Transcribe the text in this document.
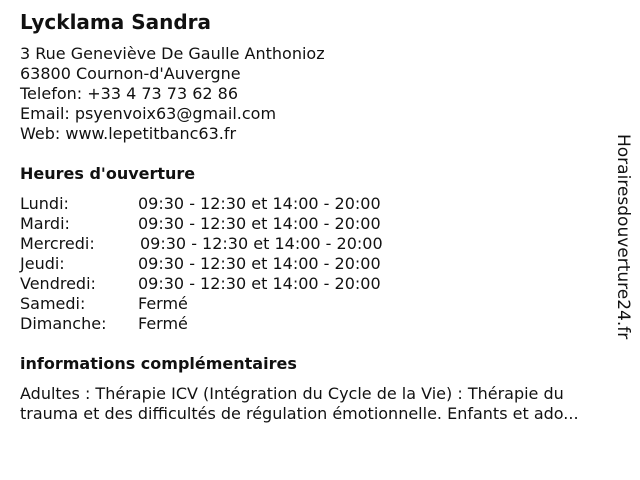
Lycklama Sandra
3 Rue Geneviève De Gaulle Anthonioz
63800 Cournon-d'Auvergne
Telefon: +33 4 73 73 62 86
Email: psyenvoix63@gmail.com
Web: www.lepetitbanc63.fr
Heures d'ouverture
Lundi:	09:30 - 12:30 et 14:00 - 20:00
Mardi:	09:30 - 12:30 et 14:00 - 20:00
Mercredi:	09:30 - 12:30 et 14:00 - 20:00
Jeudi:	09:30 - 12:30 et 14:00 - 20:00
Vendredi:	09:30 - 12:30 et 14:00 - 20:00
Samedi:	Fermé
Dimanche: Fermé
informations complémentaires
Adultes : Thérapie ICV (Intégration du Cycle de la Vie) : Thérapie du
trauma et des difficultés de régulation émotionnelle. Enfants et ado...
Horairesdouverture24.fr
